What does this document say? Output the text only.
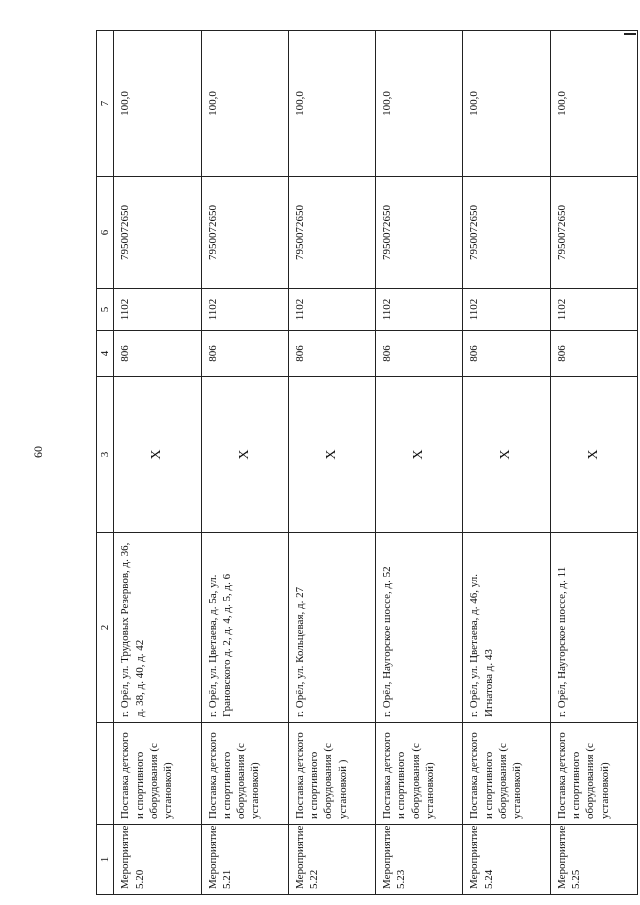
60
1		2	3	4	5	6	7
Мероприятие 5.20	Поставка детского и спортивного оборудования (с установкой)	г. Орёл, ул. Трудовых Резервов, д. 36, д. 38, д. 40, д. 42	X	806	1102	7950072650	100,0
Мероприятие 5.21	Поставка детского и спортивного оборудования (с установкой)	г. Орёл, ул. Цветаева, д. 5а, ул. Грановского д. 2, д. 4, д. 5, д. 6	X	806	1102	7950072650	100,0
Мероприятие 5.22	Поставка детского и спортивного оборудования (с установкой )	г. Орёл, ул. Кольцевая, д. 27	X	806	1102	7950072650	100,0
Мероприятие 5.23	Поставка детского и спортивного оборудования (с установкой)	г. Орёл, Наугорское шоссе, д. 52	X	806	1102	7950072650	100,0
Мероприятие 5.24	Поставка детского и спортивного оборудования (с установкой)	г. Орёл, ул. Цветаева, д. 46, ул. Игнатова д. 43	X	806	1102	7950072650	100,0
Мероприятие 5.25	Поставка детского и спортивного оборудования (с установкой)	г. Орёл, Наугорское шоссе, д. 11	X	806	1102	7950072650	100,0
